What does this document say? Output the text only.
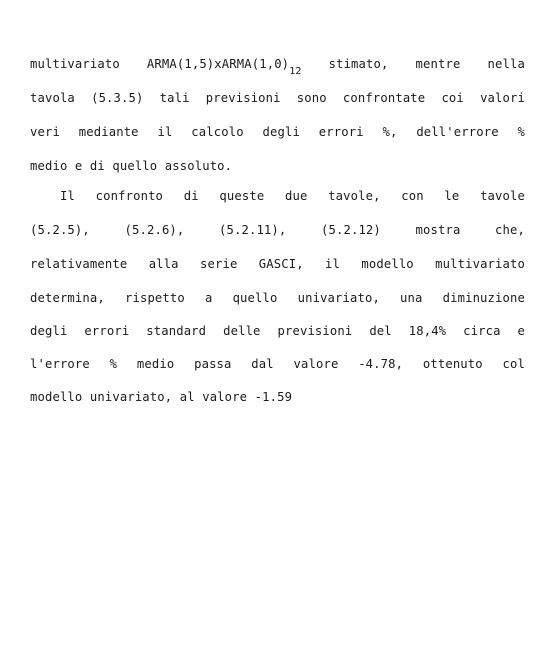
multivariato $ARMA(1,5)xARMA(1,0)_{12}$ stimato, mentre nella
tavola (5.3.5) tali previsioni sono confrontate coi valori
veri mediante il calcolo degli errori %, dell'errore %
medio e di quello assoluto.
Il confronto di queste due tavole, con le tavole
(5.2.5), (5.2.6), (5.2.11), (5.2.12) mostra che,
relativamente alla serie GASCI, il modello multivariato
determina, rispetto a quello univariato, una diminuzione
degli errori standard delle previsioni del 18,4% circa e
l'errore % medio passa dal valore -4.78, ottenuto col
modello univariato, al valore -1.59
